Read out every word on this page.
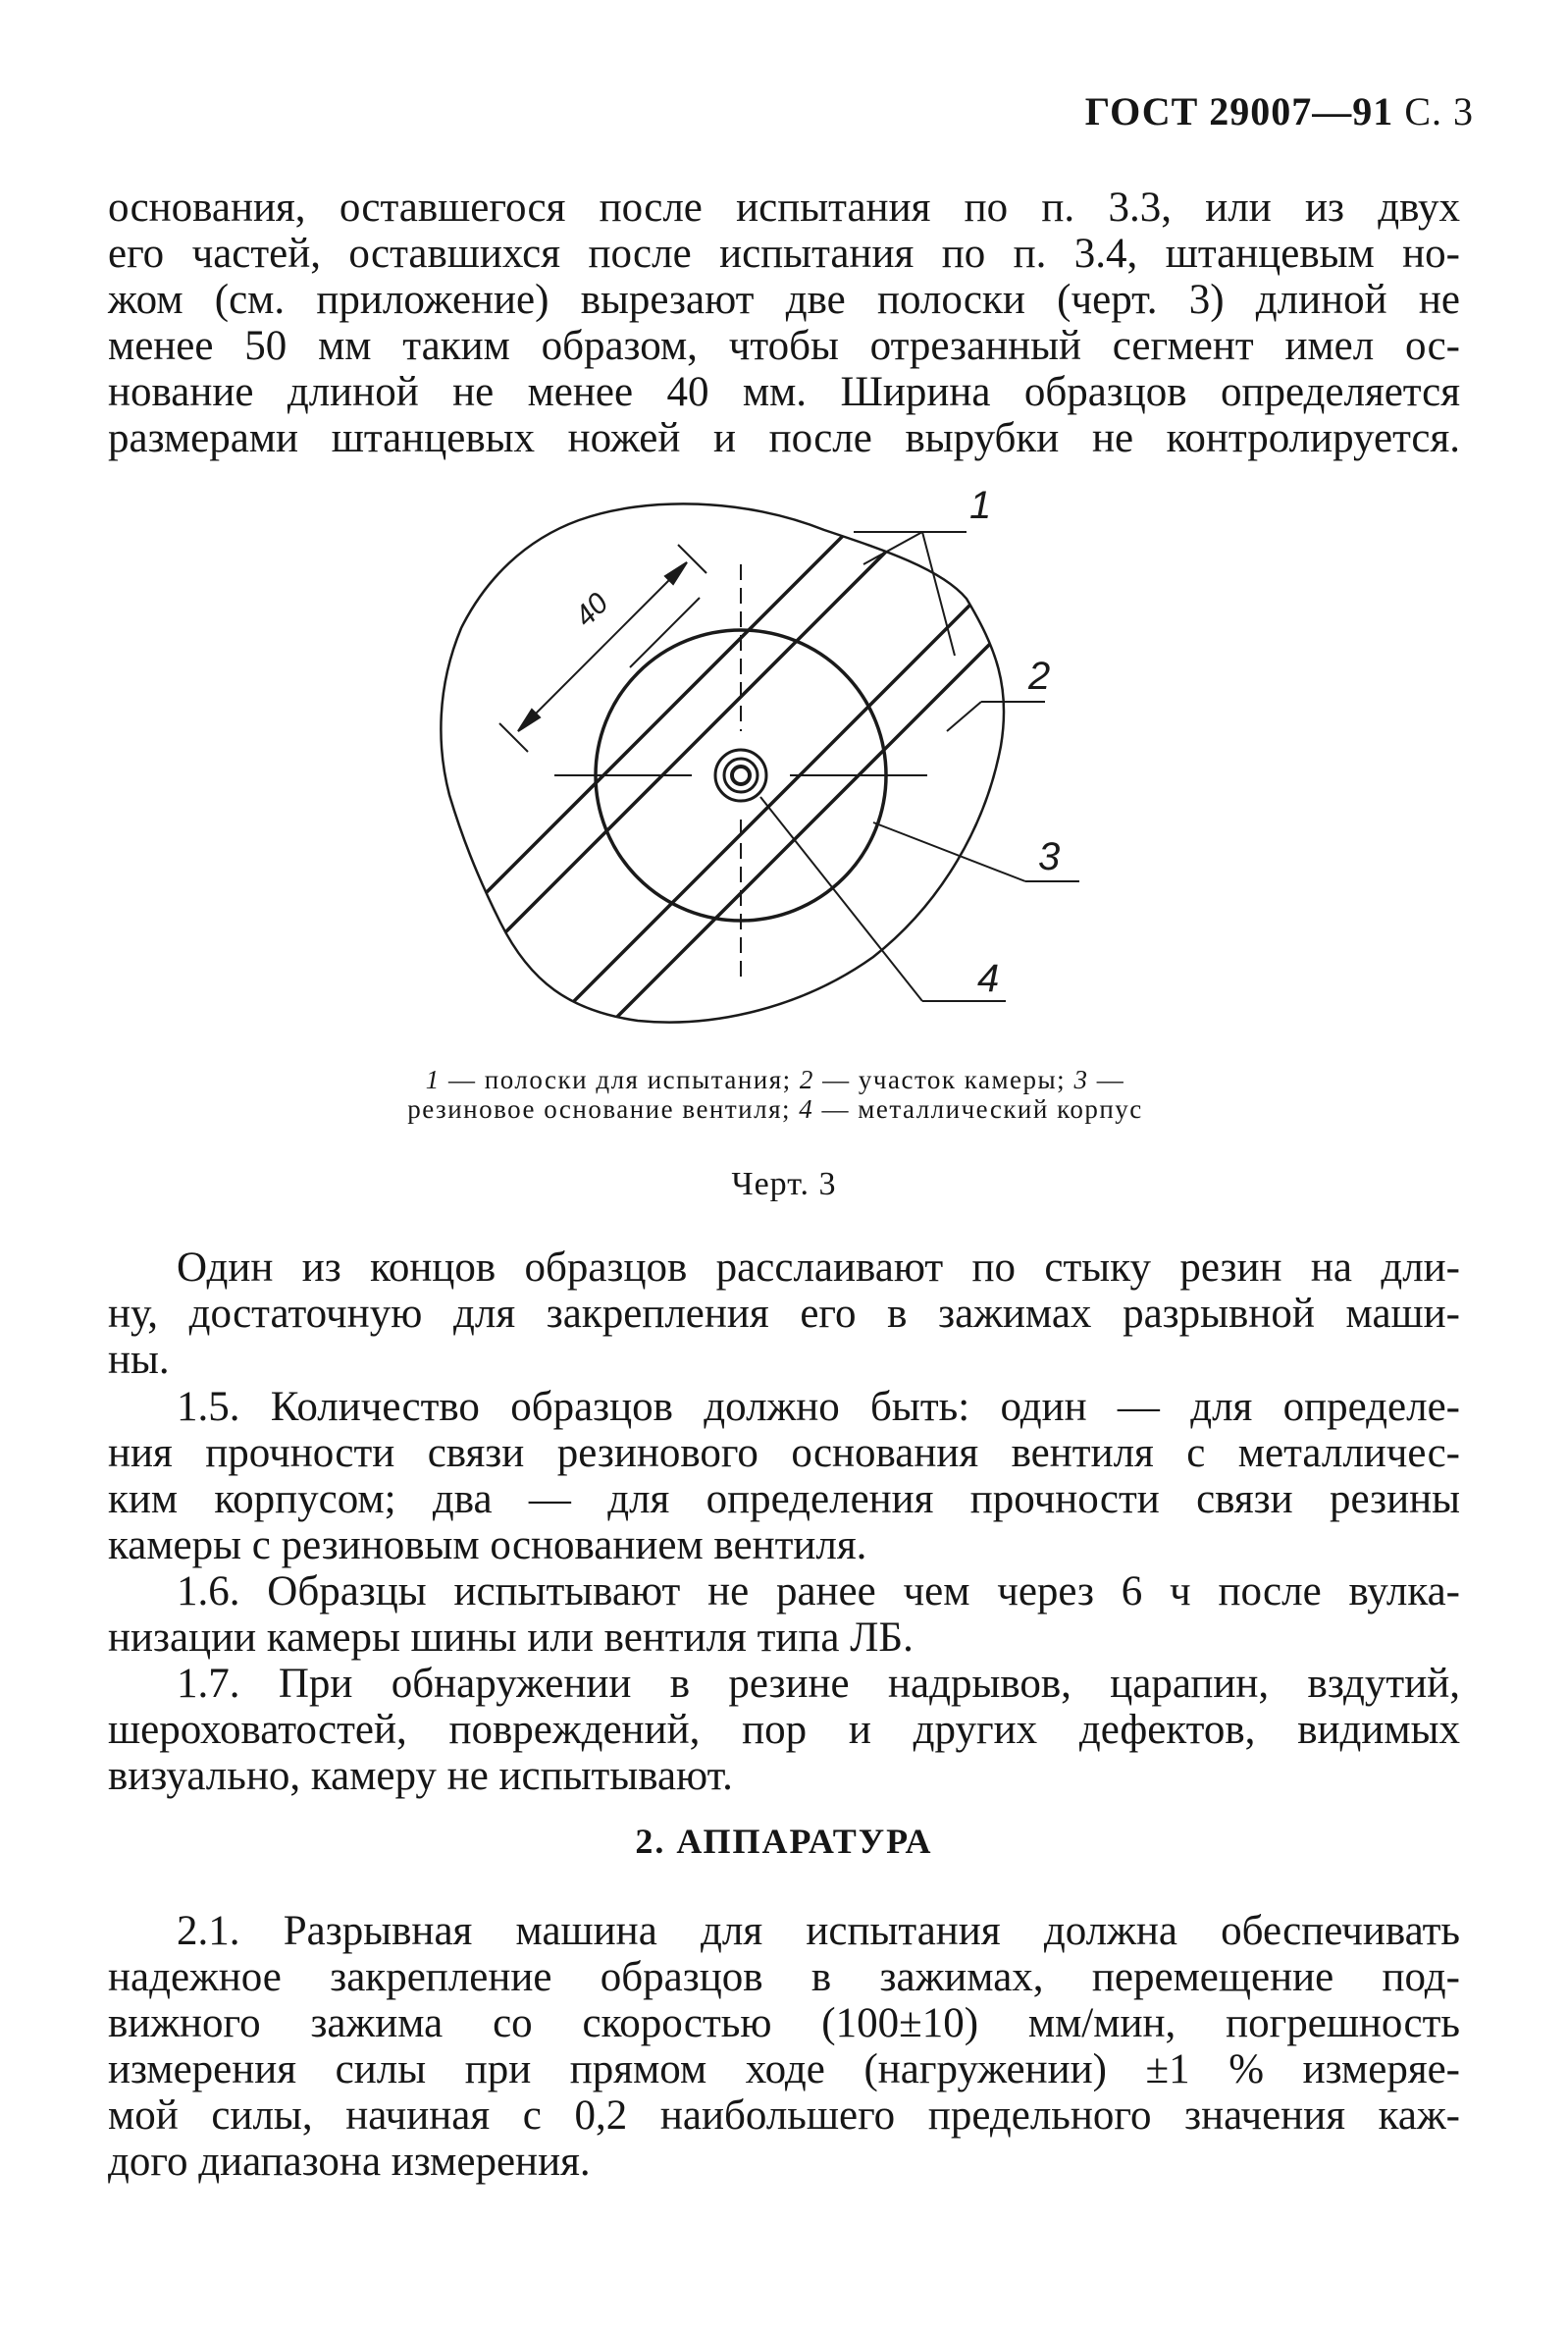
ГОСТ 29007—91 С. 3
основания, оставшегося после испытания по п. 3.3, или из двух
его частей, оставшихся после испытания по п. 3.4, штанцевым но-
жом (см. приложение) вырезают две полоски (черт. 3) длиной не
менее 50 мм таким образом, чтобы отрезанный сегмент имел ос-
нование длиной не менее 40 мм. Ширина образцов определяется
размерами штанцевых ножей и после вырубки не контролируется.
40
1
2
3
4
1 — полоски для испытания; 2 — участок камеры; 3 — резиновое основание вентиля; 4 — металлический корпус
Черт. 3
Один из концов образцов расслаивают по стыку резин на дли-
ну, достаточную для закрепления его в зажимах разрывной маши-
ны.
1.5. Количество образцов должно быть: один — для определе-
ния прочности связи резинового основания вентиля с металличес-
ким корпусом; два — для определения прочности связи резины
камеры с резиновым основанием вентиля.
1.6. Образцы испытывают не ранее чем через 6 ч после вулка-
низации камеры шины или вентиля типа ЛБ.
1.7. При обнаружении в резине надрывов, царапин, вздутий,
шероховатостей, повреждений, пор и других дефектов, видимых
визуально, камеру не испытывают.
2. АППАРАТУРА
2.1. Разрывная машина для испытания должна обеспечивать
надежное закрепление образцов в зажимах, перемещение под-
вижного зажима со скоростью (100±10) мм/мин, погрешность
измерения силы при прямом ходе (нагружении) ±1 % измеряе-
мой силы, начиная с 0,2 наибольшего предельного значения каж-
дого диапазона измерения.
